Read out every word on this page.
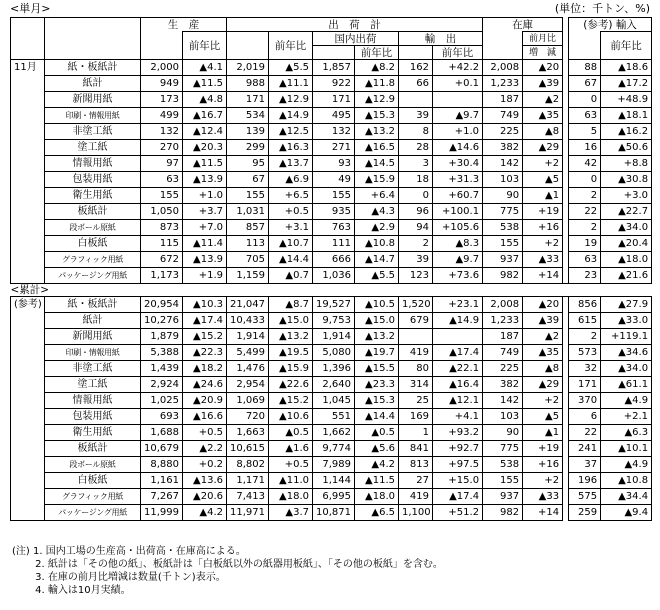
<単月>	(単位：千トン、%)
		生　産		出　荷　計						在庫			(参考) 輸入	
			前年比		前年比	国内出荷		輸　出			前月比			前年比
							前年比		前年比		増　減			
11月	紙・板紙計	2,000	▲4.1	2,019	▲5.5	1,857	▲8.2	162	+42.2	2,008	▲20		88	▲18.6
	紙計	949	▲11.5	988	▲11.1	922	▲11.8	66	+0.1	1,233	▲39		67	▲17.2
	新聞用紙	173	▲4.8	171	▲12.9	171	▲12.9			187	▲2		0	+48.9
	印刷・情報用紙	499	▲16.7	534	▲14.9	495	▲15.3	39	▲9.7	749	▲35		63	▲18.1
	非塗工紙	132	▲12.4	139	▲12.5	132	▲13.2	8	+1.0	225	▲8		5	▲16.2
	塗工紙	270	▲20.3	299	▲16.3	271	▲16.5	28	▲14.6	382	▲29		16	▲50.6
	情報用紙	97	▲11.5	95	▲13.7	93	▲14.5	3	+30.4	142	+2		42	+8.8
	包装用紙	63	▲13.9	67	▲6.9	49	▲15.9	18	+31.3	103	▲5		0	▲30.8
	衛生用紙	155	+1.0	155	+6.5	155	+6.4	0	+60.7	90	▲1		2	+3.0
	板紙計	1,050	+3.7	1,031	+0.5	935	▲4.3	96	+100.1	775	+19		22	▲22.7
	段ボール原紙	873	+7.0	857	+3.1	763	▲2.9	94	+105.6	538	+16		2	▲34.0
	白板紙	115	▲11.4	113	▲10.7	111	▲10.8	2	▲8.3	155	+2		19	▲20.4
	グラフィック用紙	672	▲13.9	705	▲14.4	666	▲14.7	39	▲9.7	937	▲33		63	▲18.0
	パッケージング用紙	1,173	+1.9	1,159	▲0.7	1,036	▲5.5	123	+73.6	982	+14		23	▲21.6
<累計>														
(参考)	紙・板紙計	20,954	▲10.3	21,047	▲8.7	19,527	▲10.5	1,520	+23.1	2,008	▲20		856	▲27.9
	紙計	10,276	▲17.4	10,433	▲15.0	9,753	▲15.0	679	▲14.9	1,233	▲39		615	▲33.0
	新聞用紙	1,879	▲15.2	1,914	▲13.2	1,914	▲13.2			187	▲2		2	+119.1
	印刷・情報用紙	5,388	▲22.3	5,499	▲19.5	5,080	▲19.7	419	▲17.4	749	▲35		573	▲34.6
	非塗工紙	1,439	▲18.2	1,476	▲15.9	1,396	▲15.5	80	▲22.1	225	▲8		32	▲34.0
	塗工紙	2,924	▲24.6	2,954	▲22.6	2,640	▲23.3	314	▲16.4	382	▲29		171	▲61.1
	情報用紙	1,025	▲20.9	1,069	▲15.2	1,045	▲15.3	25	▲12.1	142	+2		370	▲4.9
	包装用紙	693	▲16.6	720	▲10.6	551	▲14.4	169	+4.1	103	▲5		6	+2.1
	衛生用紙	1,688	+0.5	1,663	▲0.5	1,662	▲0.5	1	+93.2	90	▲1		22	▲6.3
	板紙計	10,679	▲2.2	10,615	▲1.6	9,774	▲5.6	841	+92.7	775	+19		241	▲10.1
	段ボール原紙	8,880	+0.2	8,802	+0.5	7,989	▲4.2	813	+97.5	538	+16		37	▲4.9
	白板紙	1,161	▲13.6	1,171	▲11.0	1,144	▲11.5	27	+15.0	155	+2		196	▲10.8
	グラフィック用紙	7,267	▲20.6	7,413	▲18.0	6,995	▲18.0	419	▲17.4	937	▲33		575	▲34.4
	パッケージング用紙	11,999	▲4.2	11,971	▲3.7	10,871	▲6.5	1,100	+51.2	982	+14		259	▲9.4
(注) 1. 国内工場の生産高・出荷高・在庫高による。
　　 2. 紙計は「その他の紙」、板紙計は「白板紙以外の紙器用板紙」、「その他の板紙」を含む。
　　 3. 在庫の前月比増減は数量(千トン)表示。
　　 4. 輸入は10月実績。
